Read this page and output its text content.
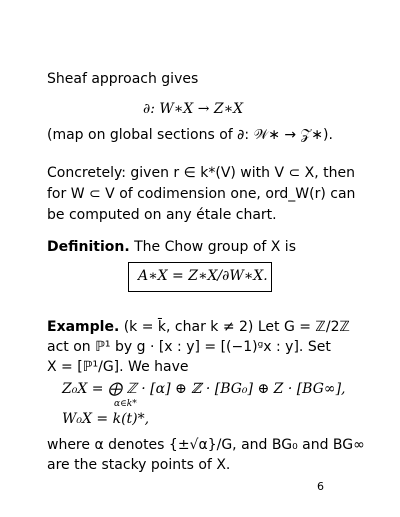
Sheaf approach gives
∂: W∗X → Z∗X
(map on global sections of ∂: 𝒲∗ → 𝒵∗).
Concretely: given r ∈ k*(V) with V ⊂ X, then
for W ⊂ V of codimension one, ord_W(r) can
be computed on any étale chart.
Definition. The Chow group of X is
A∗X = Z∗X/∂W∗X.
Example. (k = k̄, char k ≠ 2) Let G = ℤ/2ℤ
act on ℙ¹ by g · [x : y] = [(−1)ᵍx : y]. Set
X = [ℙ¹/G]. We have
Z₀X = ⨁ ℤ · [α] ⊕ ℤ · [BG₀] ⊕ Z · [BG∞],
α∈k*
W₀X = k(t)*,
where α denotes {±√α}/G, and BG₀ and BG∞
are the stacky points of X.
6
